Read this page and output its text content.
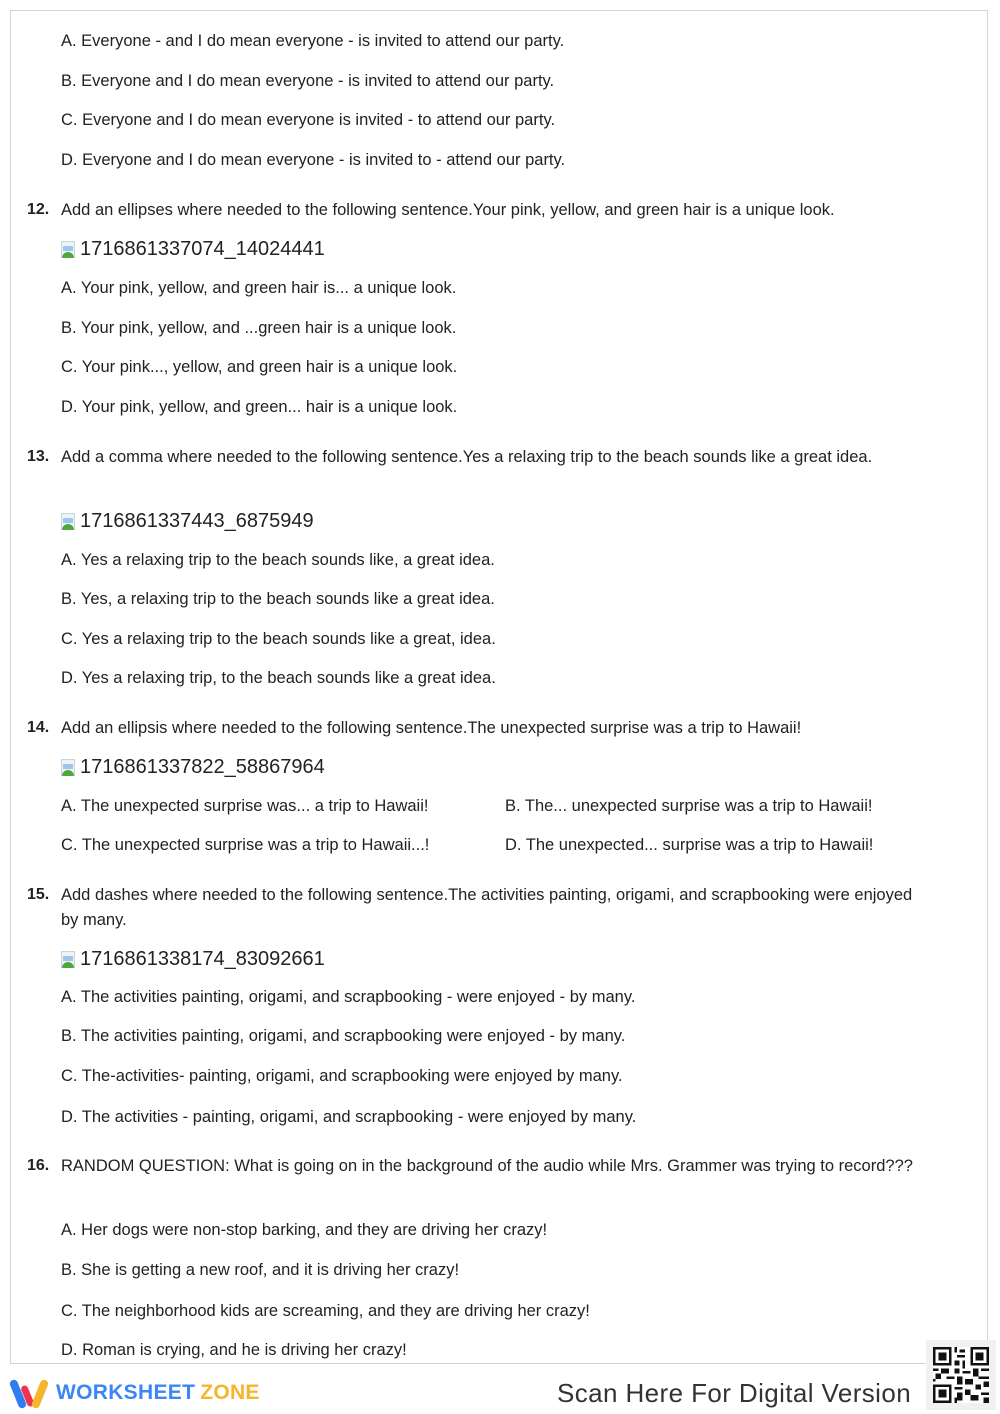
A. Everyone - and I do mean everyone - is invited to attend our party.
B. Everyone and I do mean everyone - is invited to attend our party.
C. Everyone and I do mean everyone is invited - to attend our party.
D. Everyone and I do mean everyone - is invited to - attend our party.
12. Add an ellipses where needed to the following sentence.Your pink, yellow, and green hair is a unique look.
1716861337074_14024441
A. Your pink, yellow, and green hair is... a unique look.
B. Your pink, yellow, and ...green hair is a unique look.
C. Your pink..., yellow, and green hair is a unique look.
D. Your pink, yellow, and green... hair is a unique look.
13. Add a comma where needed to the following sentence.Yes a relaxing trip to the beach sounds like a great idea.
1716861337443_6875949
A. Yes a relaxing trip to the beach sounds like, a great idea.
B. Yes, a relaxing trip to the beach sounds like a great idea.
C. Yes a relaxing trip to the beach sounds like a great, idea.
D. Yes a relaxing trip, to the beach sounds like a great idea.
14. Add an ellipsis where needed to the following sentence.The unexpected surprise was a trip to Hawaii!
1716861337822_58867964
A. The unexpected surprise was... a trip to Hawaii!	B. The... unexpected surprise was a trip to Hawaii!
C. The unexpected surprise was a trip to Hawaii...!	D. The unexpected... surprise was a trip to Hawaii!
15. Add dashes where needed to the following sentence.The activities painting, origami, and scrapbooking were enjoyed by many.
1716861338174_83092661
A. The activities painting, origami, and scrapbooking - were enjoyed - by many.
B. The activities painting, origami, and scrapbooking were enjoyed - by many.
C. The-activities- painting, origami, and scrapbooking were enjoyed by many.
D. The activities - painting, origami, and scrapbooking - were enjoyed by many.
16. RANDOM QUESTION: What is going on in the background of the audio while Mrs. Grammer was trying to record???
A. Her dogs were non-stop barking, and they are driving her crazy!
B. She is getting a new roof, and it is driving her crazy!
C. The neighborhood kids are screaming, and they are driving her crazy!
D. Roman is crying, and he is driving her crazy!
WORKSHEET ZONE	Scan Here For Digital Version
